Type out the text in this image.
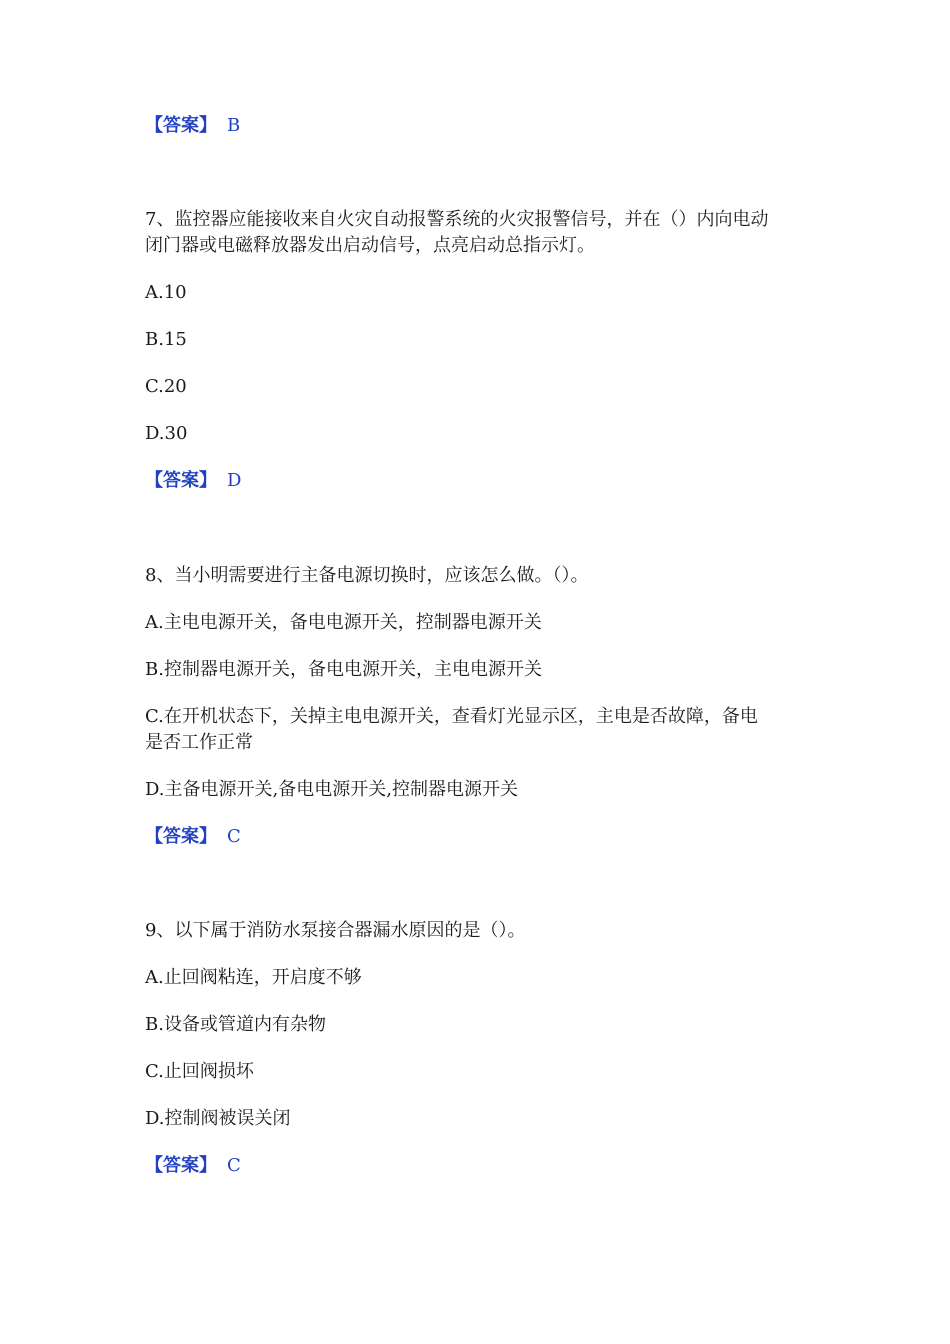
【答案】 B
7、监控器应能接收来自火灾自动报警系统的火灾报警信号，并在（）内向电动
闭门器或电磁释放器发出启动信号，点亮启动总指示灯。
A.10
B.15
C.20
D.30
【答案】 D
8、当小明需要进行主备电源切换时，应该怎么做。（）。
A.主电电源开关，备电电源开关，控制器电源开关
B.控制器电源开关，备电电源开关，主电电源开关
C.在开机状态下，关掉主电电源开关，查看灯光显示区，主电是否故障，备电
是否工作正常
D.主备电源开关,备电电源开关,控制器电源开关
【答案】 C
9、以下属于消防水泵接合器漏水原因的是（）。
A.止回阀粘连，开启度不够
B.设备或管道内有杂物
C.止回阀损坏
D.控制阀被误关闭
【答案】 C
